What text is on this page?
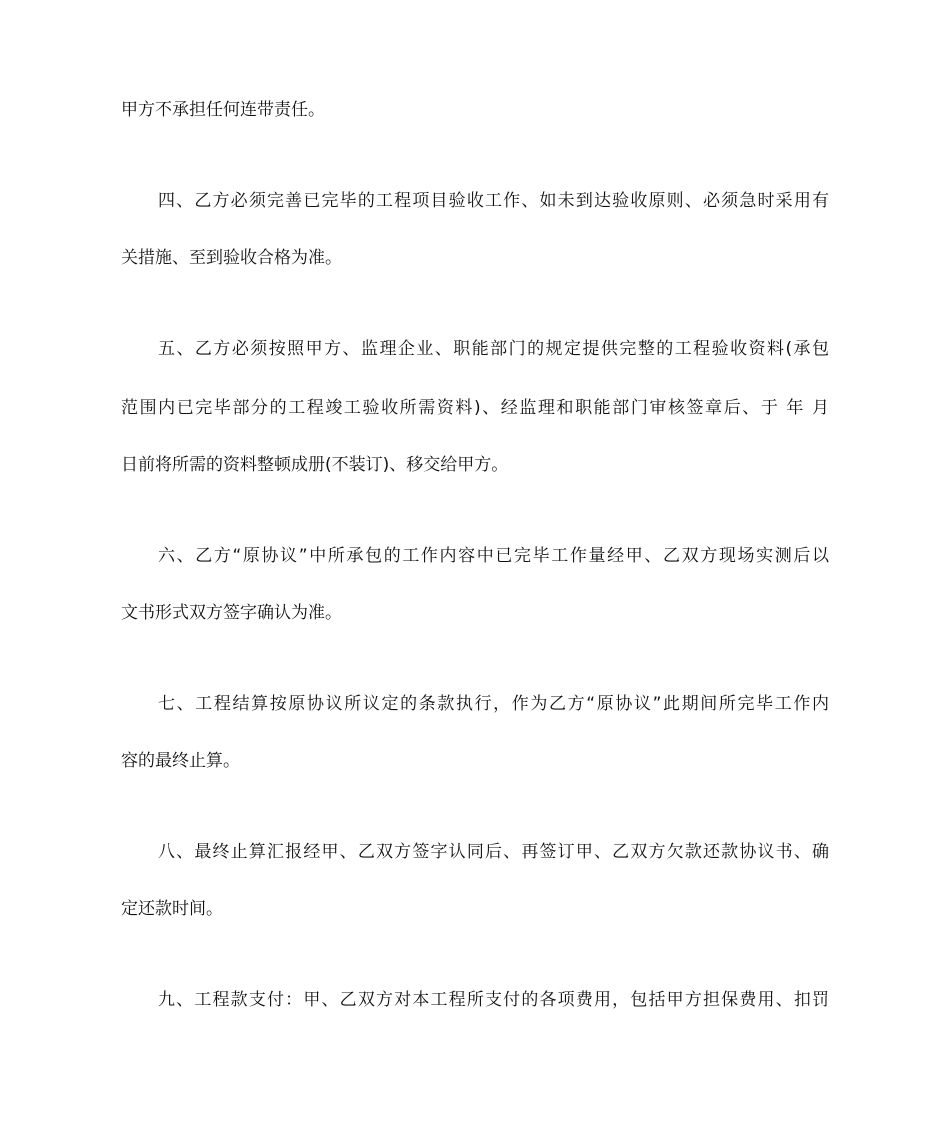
甲方不承担任何连带责任。
四、乙方必须完善已完毕的工程项目验收工作、如未到达验收原则、必须急时采用有
关措施、至到验收合格为准。
五、乙方必须按照甲方、监理企业、职能部门的规定提供完整的工程验收资料(承包
范围内已完毕部分的工程竣工验收所需资料)、经监理和职能部门审核签章后、于 年 月
日前将所需的资料整顿成册(不装订)、移交给甲方。
六、乙方“原协议”中所承包的工作内容中已完毕工作量经甲、乙双方现场实测后以
文书形式双方签字确认为准。
七、工程结算按原协议所议定的条款执行，作为乙方“原协议”此期间所完毕工作内
容的最终止算。
八、最终止算汇报经甲、乙双方签字认同后、再签订甲、乙双方欠款还款协议书、确
定还款时间。
九、工程款支付：甲、乙双方对本工程所支付的各项费用，包括甲方担保费用、扣罚
